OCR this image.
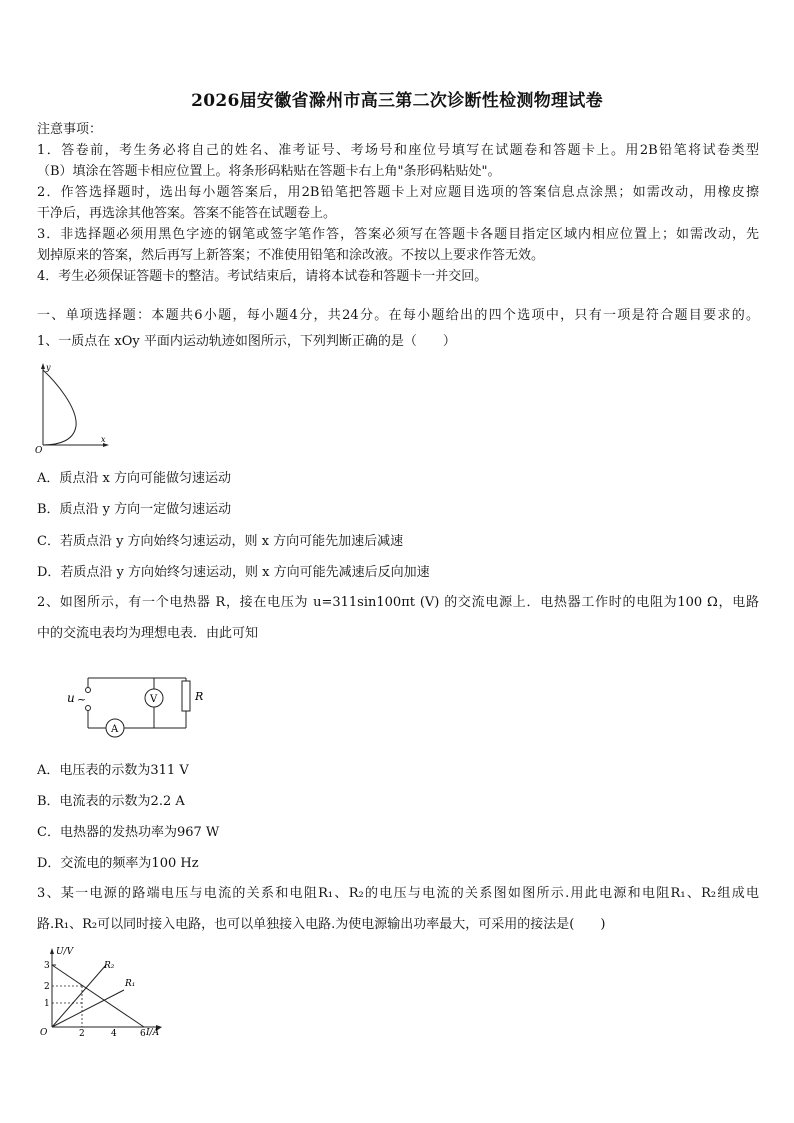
2026届安徽省滁州市高三第二次诊断性检测物理试卷
注意事项：
1．答卷前，考生务必将自己的姓名、准考证号、考场号和座位号填写在试题卷和答题卡上。用2B铅笔将试卷类型
（B）填涂在答题卡相应位置上。将条形码粘贴在答题卡右上角"条形码粘贴处"。
2．作答选择题时，选出每小题答案后，用2B铅笔把答题卡上对应题目选项的答案信息点涂黑；如需改动，用橡皮擦
干净后，再选涂其他答案。答案不能答在试题卷上。
3．非选择题必须用黑色字迹的钢笔或签字笔作答，答案必须写在答题卡各题目指定区域内相应位置上；如需改动，先
划掉原来的答案，然后再写上新答案；不准使用铅笔和涂改液。不按以上要求作答无效。
4．考生必须保证答题卡的整洁。考试结束后，请将本试卷和答题卡一并交回。
一、单项选择题：本题共6小题，每小题4分，共24分。在每小题给出的四个选项中，只有一项是符合题目要求的。
1、一质点在 xOy 平面内运动轨迹如图所示，下列判断正确的是（　　）
y
x
O
A．质点沿 x 方向可能做匀速运动
B．质点沿 y 方向一定做匀速运动
C．若质点沿 y 方向始终匀速运动，则 x 方向可能先加速后减速
D．若质点沿 y 方向始终匀速运动，则 x 方向可能先减速后反向加速
2、如图所示，有一个电热器 R，接在电压为 u=311sin100πt (V) 的交流电源上．电热器工作时的电阻为100 Ω，电路
中的交流电表均为理想电表．由此可知
A
V	R
u ~
A．电压表的示数为311 V
B．电流表的示数为2.2 A
C．电热器的发热功率为967 W
D．交流电的频率为100 Hz
3、某一电源的路端电压与电流的关系和电阻R₁、R₂的电压与电流的关系图如图所示.用此电源和电阻R₁、R₂组成电
路.R₁、R₂可以同时接入电路，也可以单独接入电路.为使电源输出功率最大，可采用的接法是(　　)
U/V
I/A
O
R₂
R₁
3
2
1
2	4	6
